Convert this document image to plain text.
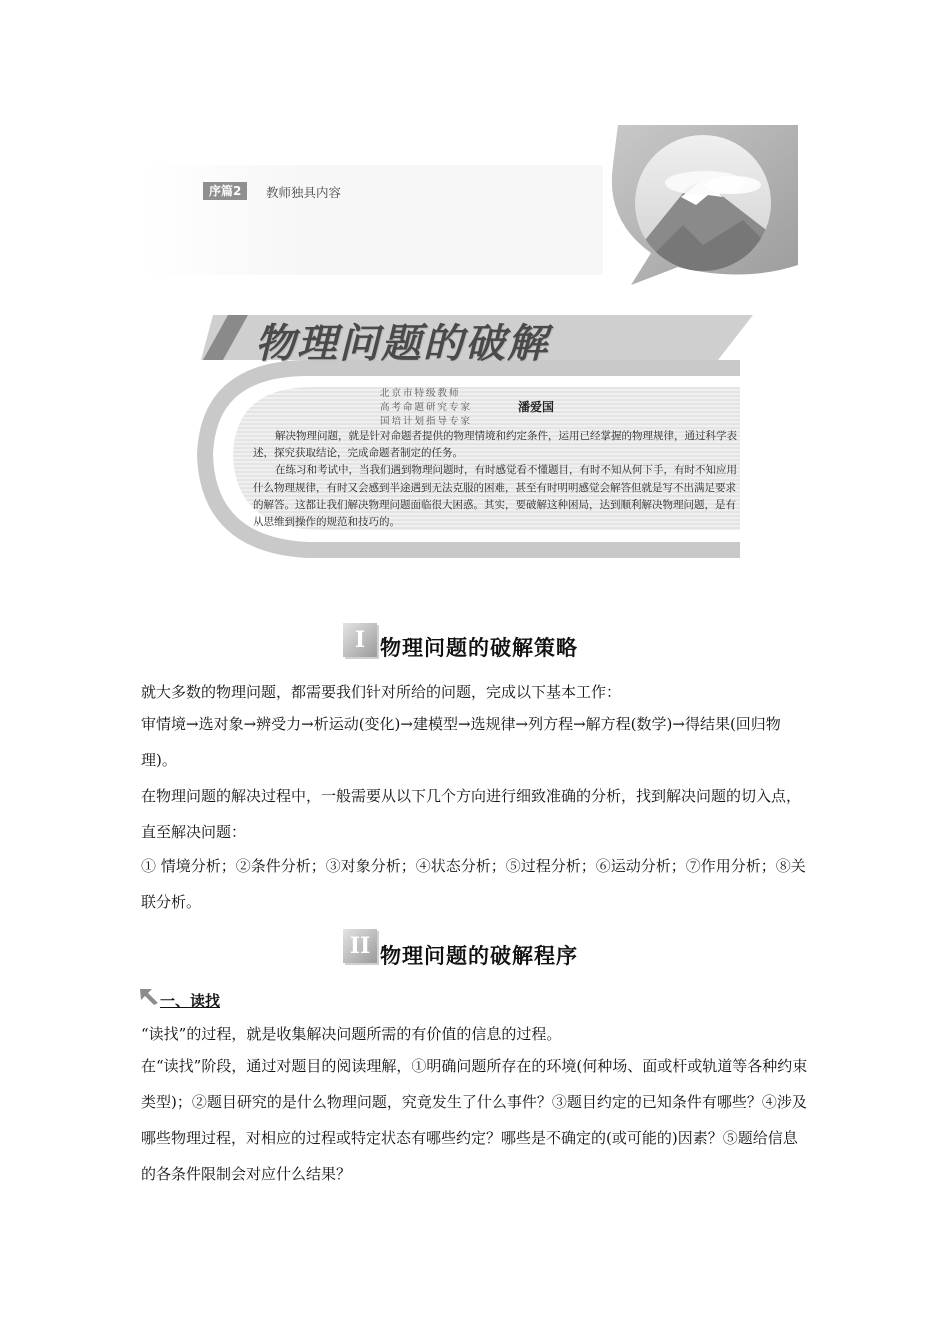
序篇2	教师独具内容
物理问题的破解
北京市特级教师
高考命题研究专家
国培计划指导专家
潘爱国

解决物理问题，就是针对命题者提供的物理情境和约定条件，运用已经掌握的物理规律，通过科学表述，探究获取结论，完成命题者制定的任务。

在练习和考试中，当我们遇到物理问题时，有时感觉看不懂题目，有时不知从何下手，有时不知应用什么物理规律，有时又会感到半途遇到无法克服的困难，甚至有时明明感觉会解答但就是写不出满足要求的解答。这都让我们解决物理问题面临很大困惑。其实，要破解这种困局，达到顺利解决物理问题，是有从思维到操作的规范和技巧的。

I 物理问题的破解策略

就大多数的物理问题，都需要我们针对所给的问题，完成以下基本工作：

审情境→选对象→辨受力→析运动(变化)→建模型→选规律→列方程→解方程(数学)→得结果(回归物理)。

在物理问题的解决过程中，一般需要从以下几个方向进行细致准确的分析，找到解决问题的切入点，直至解决问题：

① 情境分析；②条件分析；③对象分析；④状态分析；⑤过程分析；⑥运动分析；⑦作用分析；⑧关联分析。

II 物理问题的破解程序
一、读找

“读找”的过程，就是收集解决问题所需的有价值的信息的过程。

在“读找”阶段，通过对题目的阅读理解，①明确问题所存在的环境(何种场、面或杆或轨道等各种约束类型)；②题目研究的是什么物理问题，究竟发生了什么事件？③题目约定的已知条件有哪些？④涉及哪些物理过程，对相应的过程或特定状态有哪些约定？哪些是不确定的(或可能的)因素？⑤题给信息的各条件限制会对应什么结果？
